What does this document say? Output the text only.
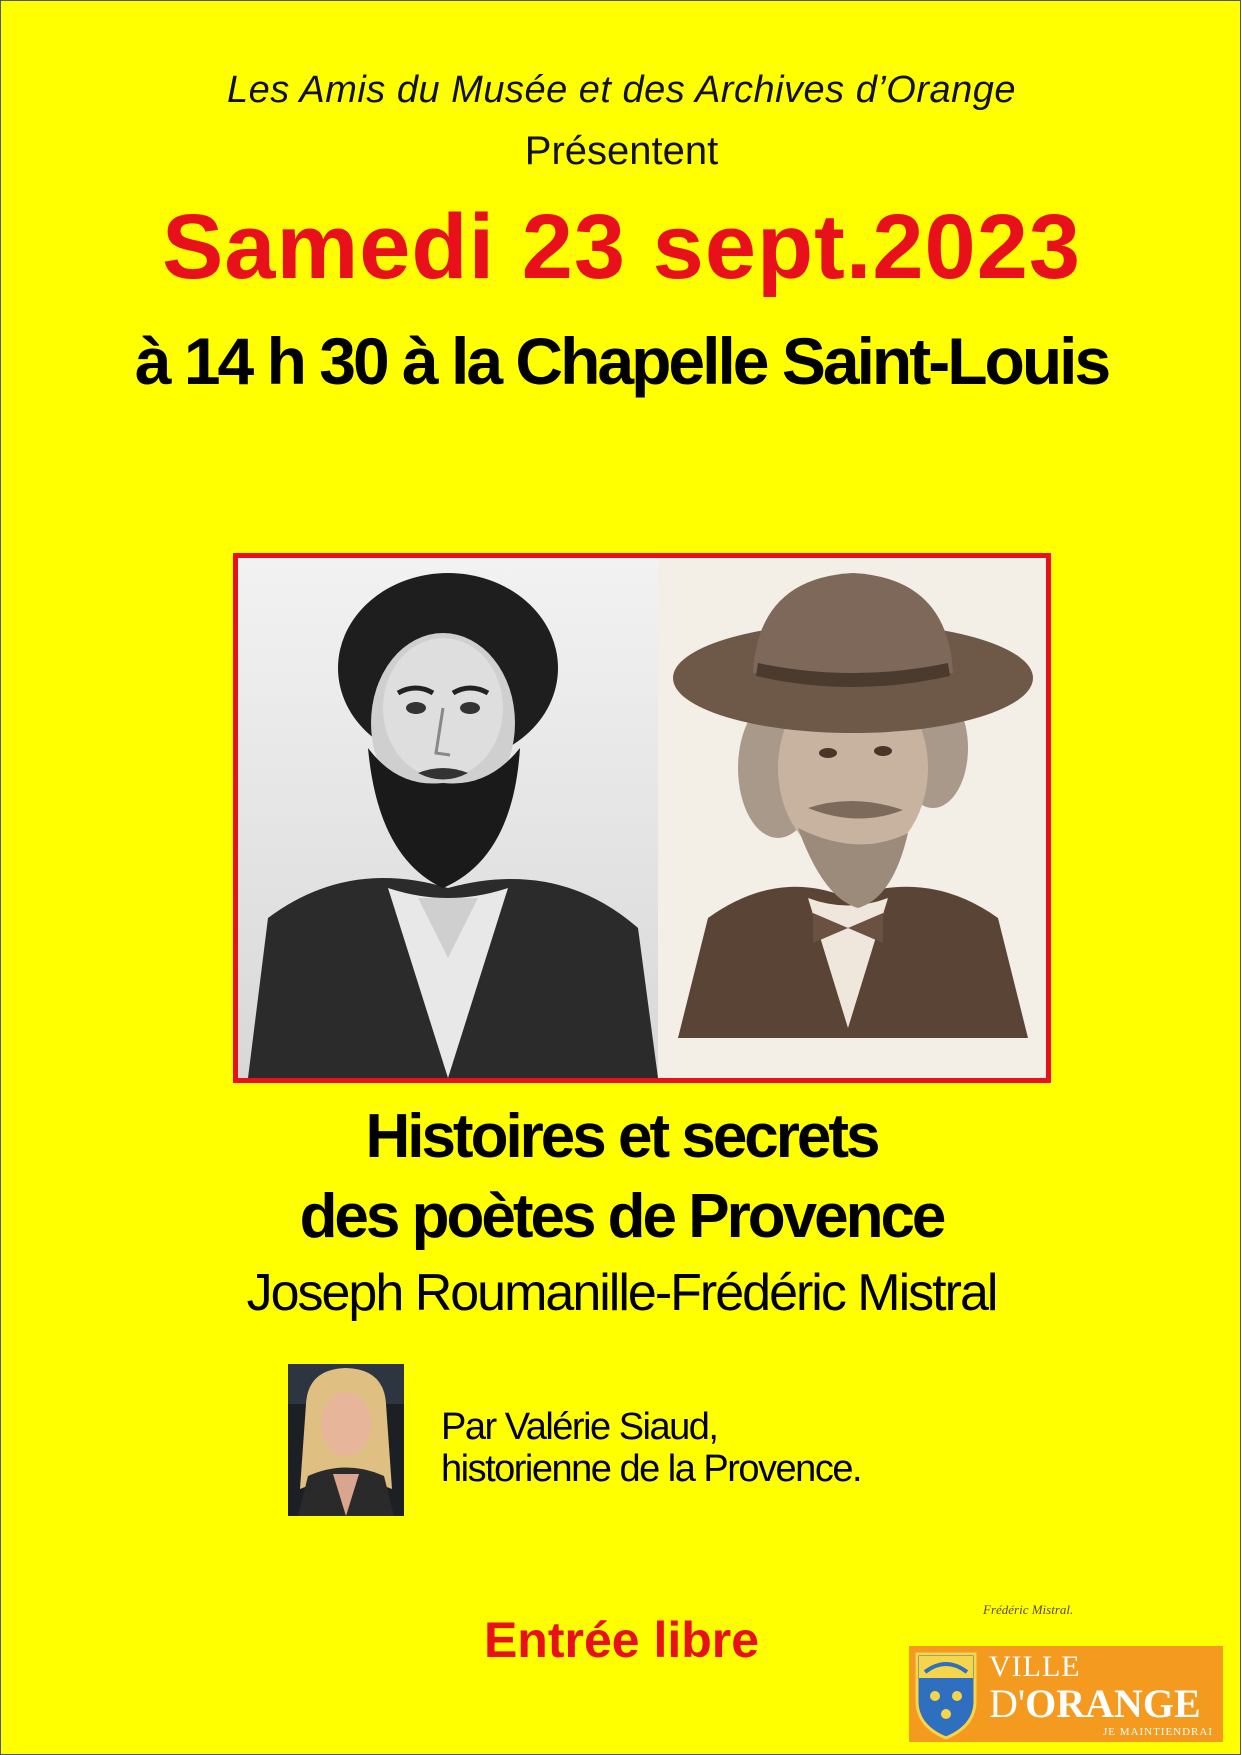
Les Amis du Musée et des Archives d’Orange
Présentent
Samedi 23 sept.2023
à 14 h 30 à la Chapelle Saint-Louis
Frédéric Mistral.
Histoires et secrets
des poètes de Provence
Joseph Roumanille-Frédéric Mistral
Par Valérie Siaud,
historienne de la Provence.
Entrée libre	VILLE
D'ORANGE
JE MAINTIENDRAI
